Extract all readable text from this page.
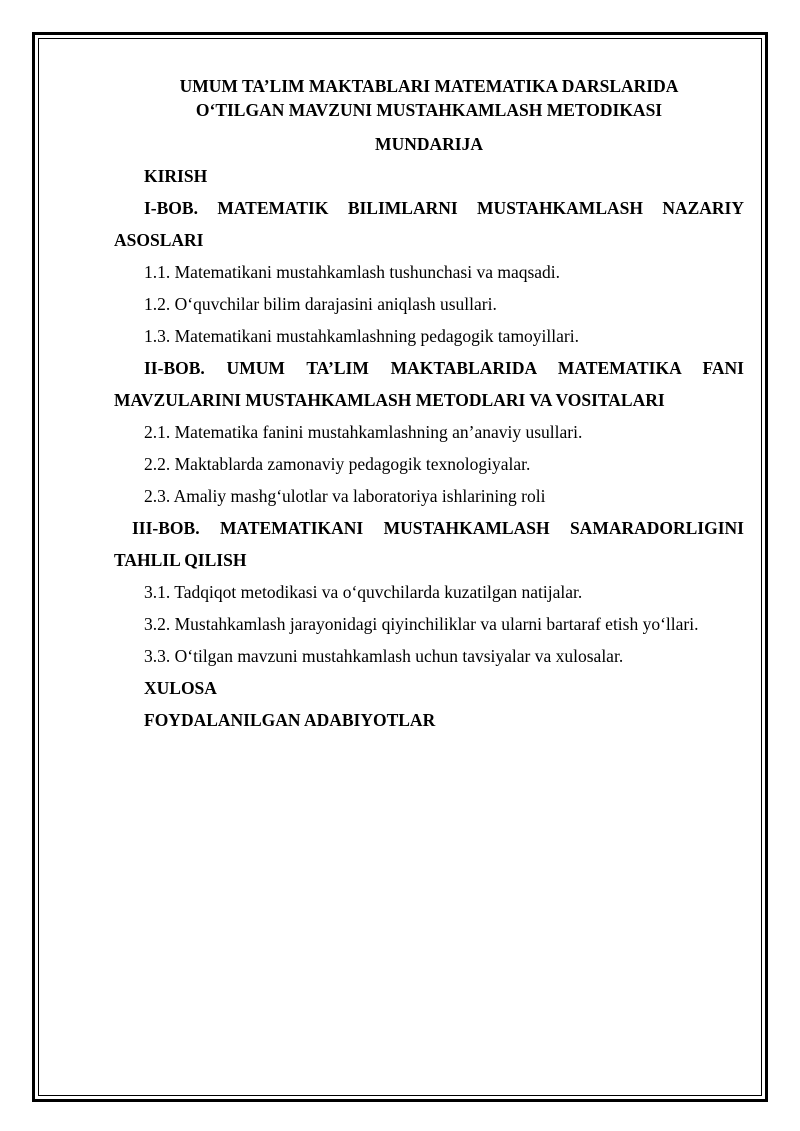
UMUM TA’LIM MAKTABLARI MATEMATIKA DARSLARIDA

O‘TILGAN MAVZUNI MUSTAHKAMLASH METODIKASI

MUNDARIJA

KIRISH

I-BOB. MATEMATIK BILIMLARNI MUSTAHKAMLASH NAZARIY

ASOSLARI

1.1. Matematikani mustahkamlash tushunchasi va maqsadi.

1.2. O‘quvchilar bilim darajasini aniqlash usullari.

1.3. Matematikani mustahkamlashning pedagogik tamoyillari.

II-BOB. UMUM TA’LIM MAKTABLARIDA MATEMATIKA FANI

MAVZULARINI MUSTAHKAMLASH METODLARI VA VOSITALARI

2.1. Matematika fanini mustahkamlashning an’anaviy usullari.

2.2. Maktablarda zamonaviy pedagogik texnologiyalar.

2.3. Amaliy mashg‘ulotlar va laboratoriya ishlarining roli

III-BOB. MATEMATIKANI MUSTAHKAMLASH SAMARADORLIGINI

TAHLIL QILISH

3.1. Tadqiqot metodikasi va o‘quvchilarda kuzatilgan natijalar.

3.2. Mustahkamlash jarayonidagi qiyinchiliklar va ularni bartaraf etish yo‘llari.

3.3. O‘tilgan mavzuni mustahkamlash uchun tavsiyalar va xulosalar.

XULOSA

FOYDALANILGAN ADABIYOTLAR
